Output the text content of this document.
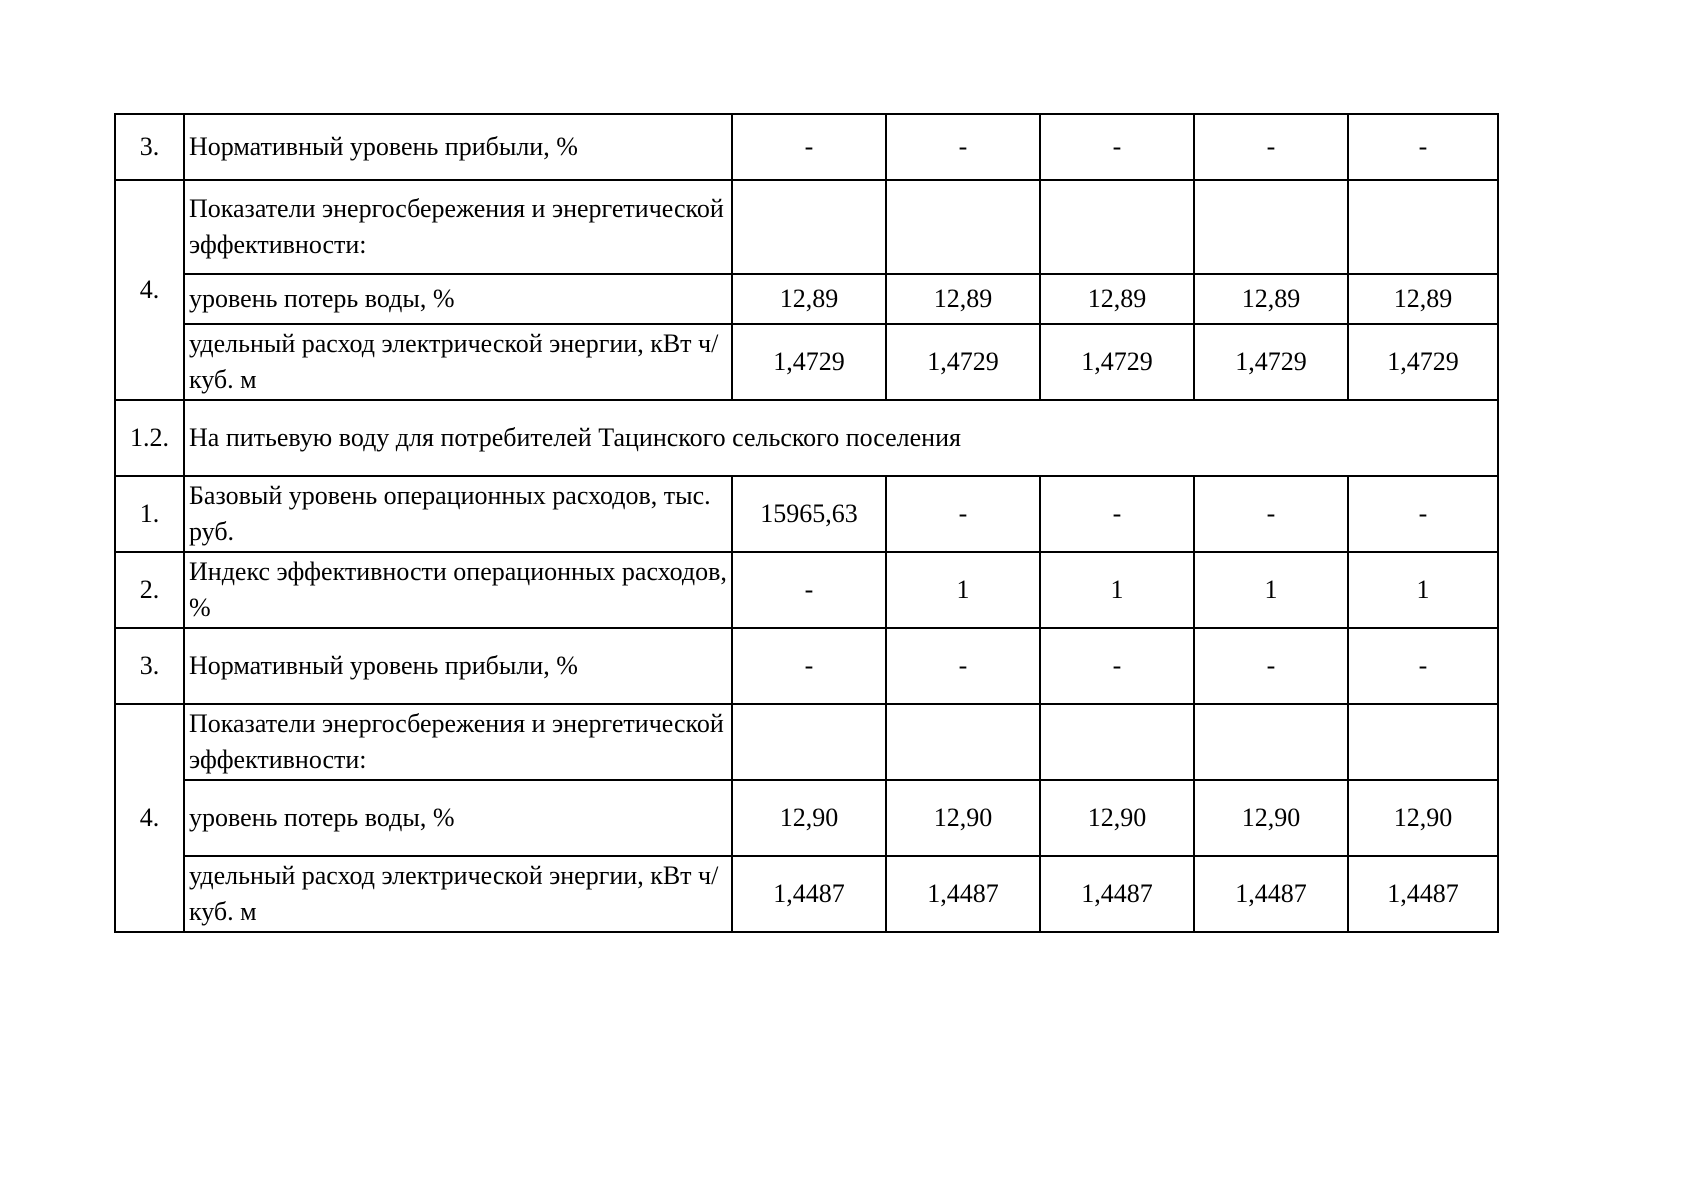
3.	Нормативный уровень прибыли, %	-	-	-	-	-
4.	Показатели энергосбережения и энергетической эффективности:					
	уровень потерь воды, %	12,89	12,89	12,89	12,89	12,89
	удельный расход электрической энергии, кВт ч/куб. м	1,4729	1,4729	1,4729	1,4729	1,4729
1.2.	На питьевую воду для потребителей Тацинского сельского поселения					
1.	Базовый уровень операционных расходов, тыс. руб.	15965,63	-	-	-	-
2.	Индекс эффективности операционных расходов, %	-	1	1	1	1
3.	Нормативный уровень прибыли, %	-	-	-	-	-
4.	Показатели энергосбережения и энергетической эффективности:					
	уровень потерь воды, %	12,90	12,90	12,90	12,90	12,90
	удельный расход электрической энергии, кВт ч/куб. м	1,4487	1,4487	1,4487	1,4487	1,4487
